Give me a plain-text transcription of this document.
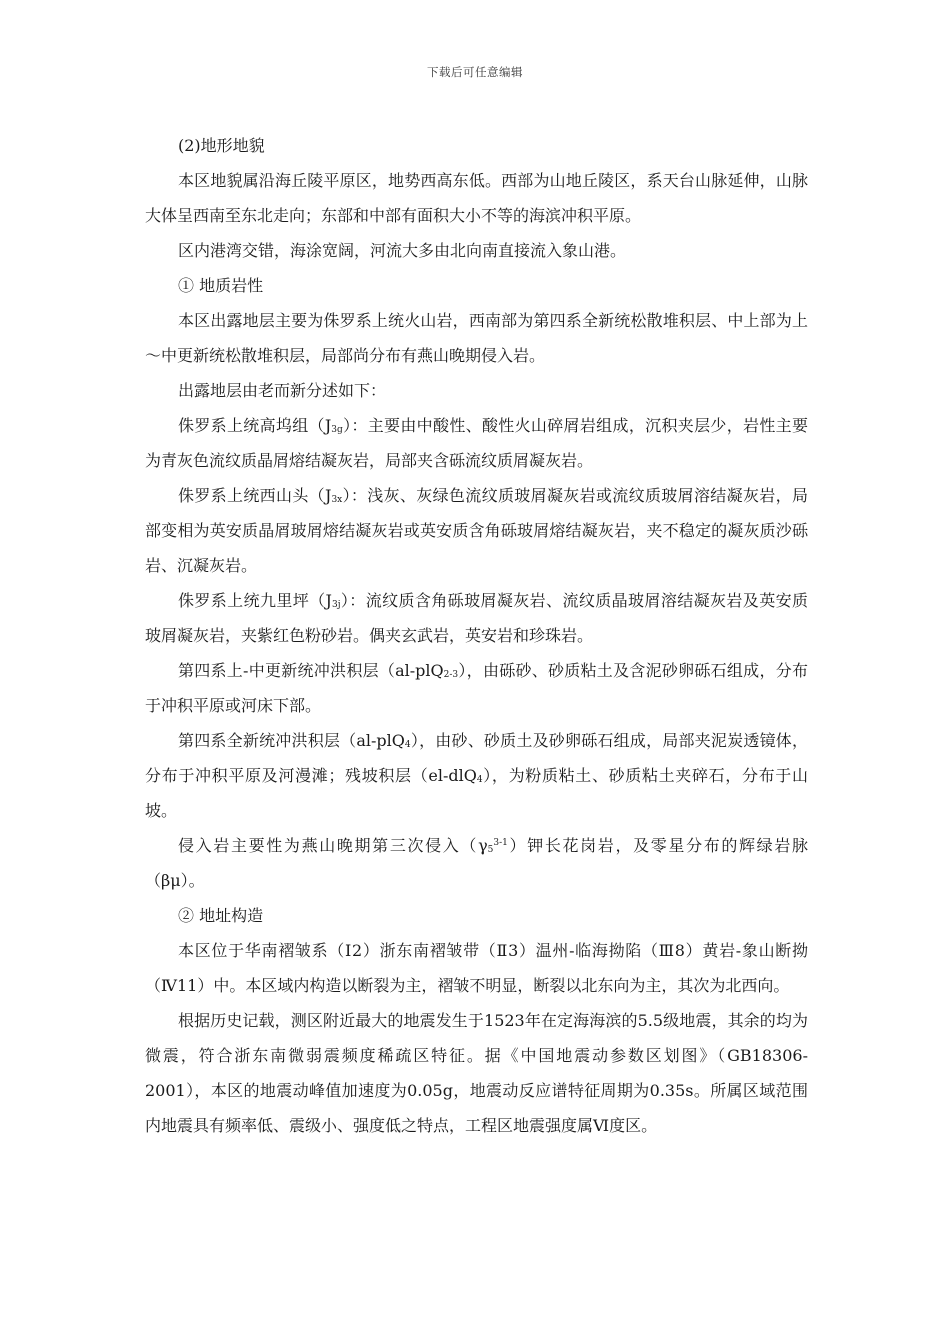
下载后可任意编辑

(2)地形地貌

本区地貌属沿海丘陵平原区，地势西高东低。西部为山地丘陵区，系天台山脉延伸，山脉大体呈西南至东北走向；东部和中部有面积大小不等的海滨冲积平原。

区内港湾交错，海涂宽阔，河流大多由北向南直接流入象山港。

① 地质岩性

本区出露地层主要为侏罗系上统火山岩，西南部为第四系全新统松散堆积层、中上部为上～中更新统松散堆积层，局部尚分布有燕山晚期侵入岩。

出露地层由老而新分述如下：

侏罗系上统高坞组$(J_{3g})$：主要由中酸性、酸性火山碎屑岩组成，沉积夹层少，岩性主要为青灰色流纹质晶屑熔结凝灰岩，局部夹含砾流纹质屑凝灰岩。

侏罗系上统西山头$(J_{3x})$：浅灰、灰绿色流纹质玻屑凝灰岩或流纹质玻屑溶结凝灰岩，局部变相为英安质晶屑玻屑熔结凝灰岩或英安质含角砾玻屑熔结凝灰岩，夹不稳定的凝灰质沙砾岩、沉凝灰岩。

侏罗系上统九里坪$(J_{3j})$：流纹质含角砾玻屑凝灰岩、流纹质晶玻屑溶结凝灰岩及英安质玻屑凝灰岩，夹紫红色粉砂岩。偶夹玄武岩，英安岩和珍珠岩。

第四系上-中更新统冲洪积层（al-plQ$_{2-3}$），由砾砂、砂质粘土及含泥砂卵砾石组成，分布于冲积平原或河床下部。

第四系全新统冲洪积层（al-plQ$_4$），由砂、砂质土及砂卵砾石组成，局部夹泥炭透镜体，分布于冲积平原及河漫滩；残坡积层（el-dlQ$_4$），为粉质粘土、砂质粘土夹碎石，分布于山坡。

侵入岩主要性为燕山晚期第三次侵入$(\gamma_5^{3-1})$钾长花岗岩，及零星分布的辉绿岩脉（βμ）。

② 地址构造

本区位于华南褶皱系（Ⅰ2）浙东南褶皱带（Ⅱ3）温州-临海拗陷（Ⅲ8）黄岩-象山断拗（Ⅳ11）中。本区域内构造以断裂为主，褶皱不明显，断裂以北东向为主，其次为北西向。

根据历史记载，测区附近最大的地震发生于1523年在定海海滨的5.5级地震，其余的均为微震，符合浙东南微弱震频度稀疏区特征。据《中国地震动参数区划图》（GB18306-2001），本区的地震动峰值加速度为0.05g，地震动反应谱特征周期为0.35s。所属区域范围内地震具有频率低、震级小、强度低之特点，工程区地震强度属Ⅵ度区。
